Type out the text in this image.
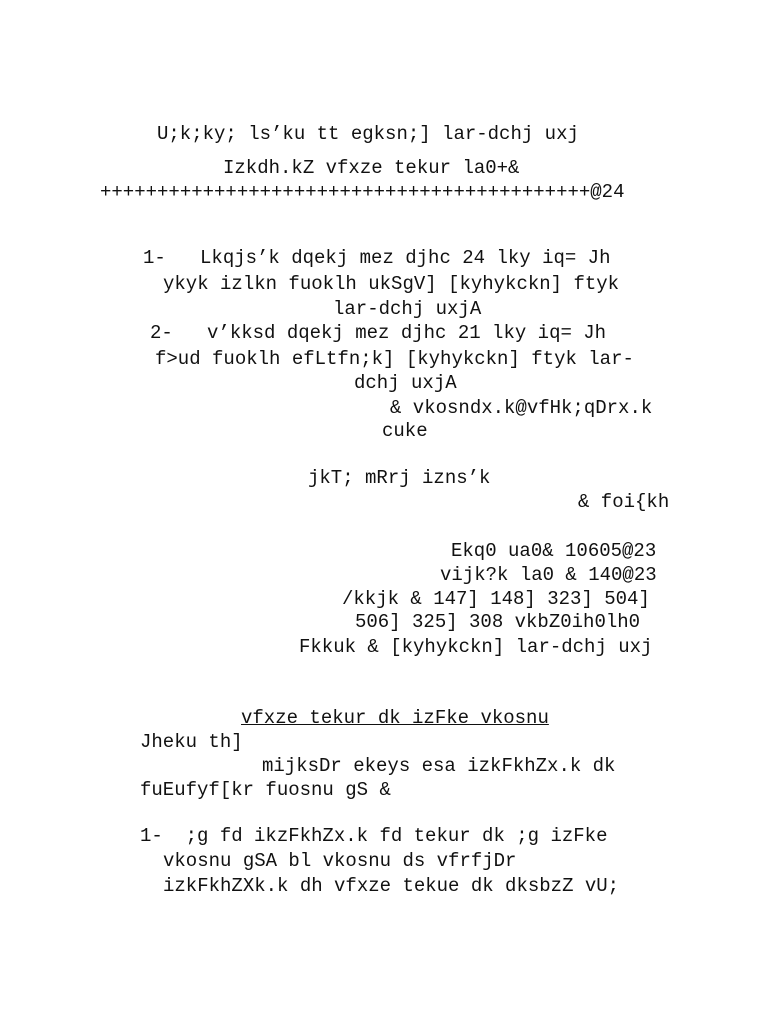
U;k;ky; ls’ku tt egksn;] lar-dchj uxj
Izkdh.kZ vfxze tekur la0+&
+++++++++++++++++++++++++++++++++++++++++++@24
1-   Lkqjs’k dqekj mez djhc 24 lky iq= Jh
ykyk izlkn fuoklh ukSgV] [kyhykckn] ftyk
lar-dchj uxjA
2-   v’kksd dqekj mez djhc 21 lky iq= Jh
f>ud fuoklh efLtfn;k] [kyhykckn] ftyk lar-
dchj uxjA
& vkosndx.k@vfHk;qDrx.k
cuke
jkT; mRrj izns’k
& foi{kh
Ekq0 ua0& 10605@23
vijk?k la0 & 140@23
/kkjk & 147] 148] 323] 504]
506] 325] 308 vkbZ0ih0lh0
Fkkuk & [kyhykckn] lar-dchj uxj
vfxze tekur dk izFke vkosnu
Jheku th]
mijksDr ekeys esa izkFkhZx.k dk
fuEufyf[kr fuosnu gS &
1-  ;g fd ikzFkhZx.k fd tekur dk ;g izFke
vkosnu gSA bl vkosnu ds vfrfjDr
izkFkhZXk.k dh vfxze tekue dk dksbzZ vU;
